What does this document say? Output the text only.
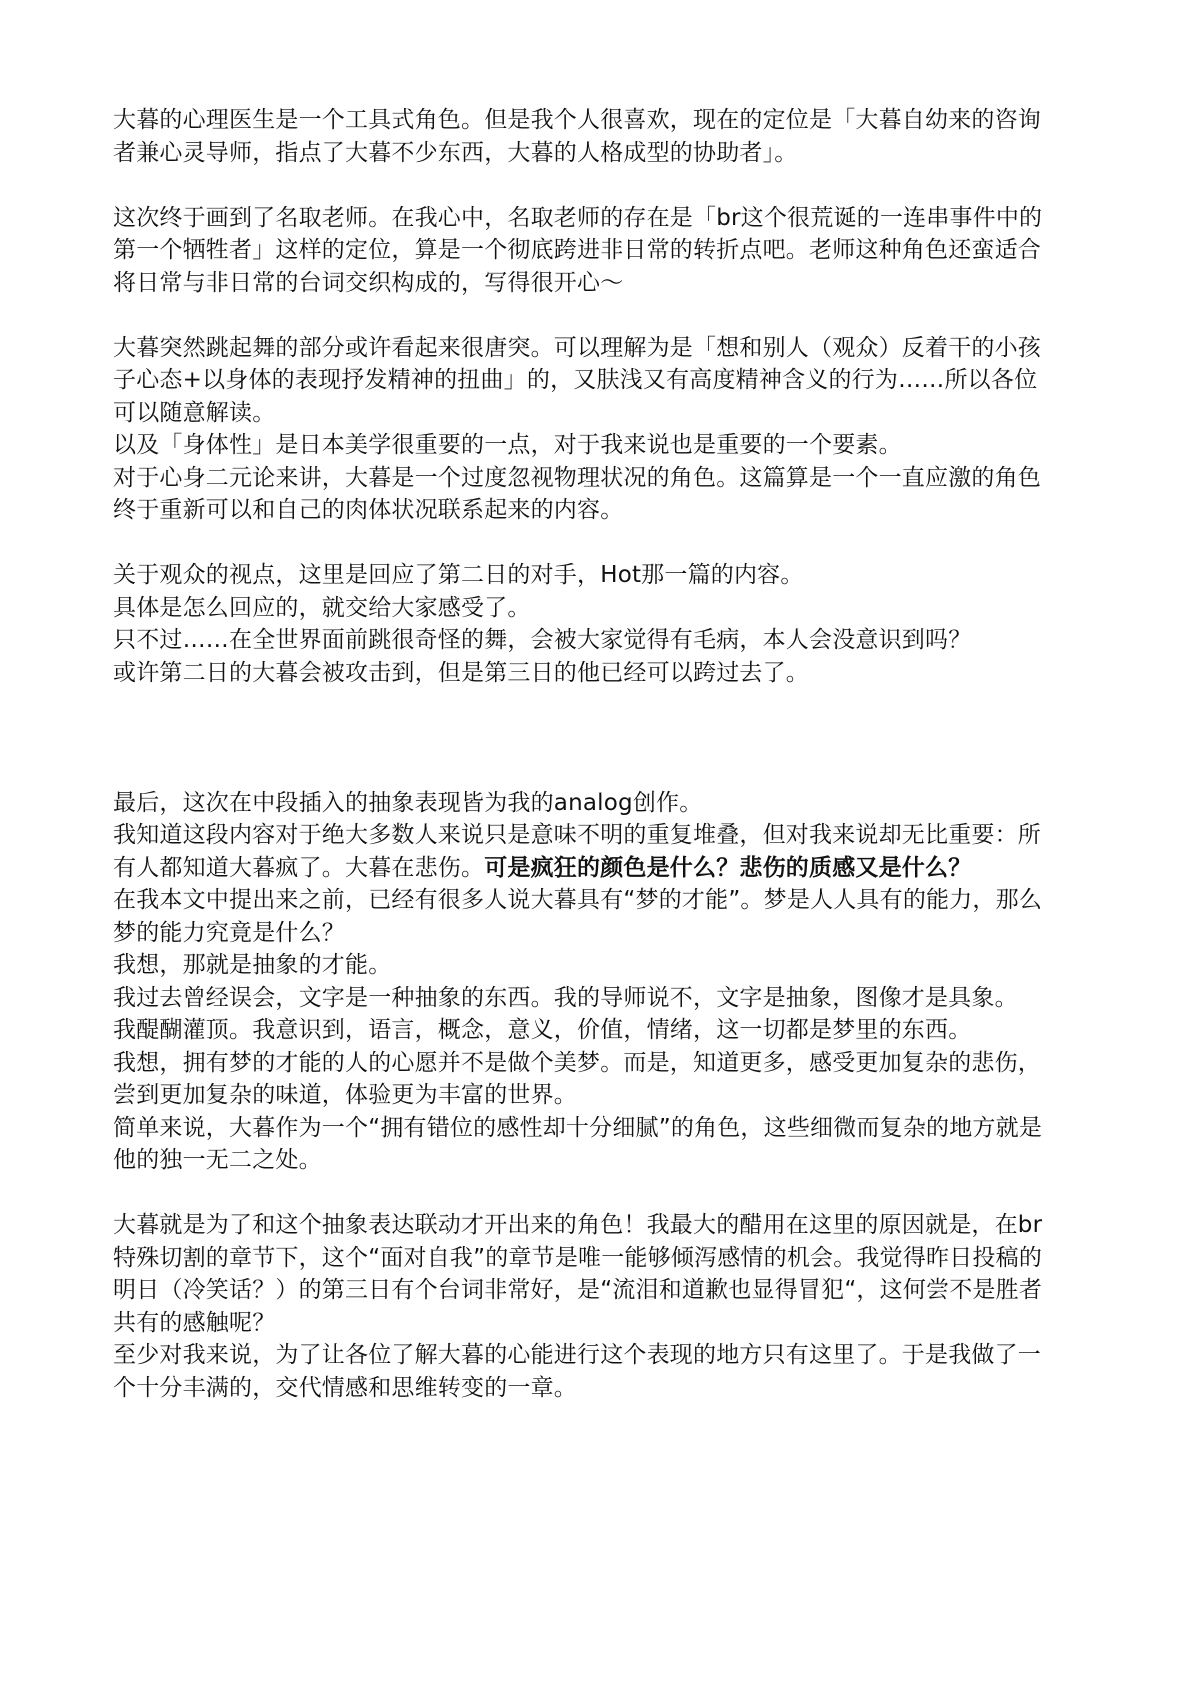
大暮的心理医生是一个工具式角色。但是我个人很喜欢，现在的定位是「大暮自幼来的咨询
者兼心灵导师，指点了大暮不少东西，大暮的人格成型的协助者」。
这次终于画到了名取老师。在我心中，名取老师的存在是「br这个很荒诞的一连串事件中的
第一个牺牲者」这样的定位，算是一个彻底跨进非日常的转折点吧。老师这种角色还蛮适合
将日常与非日常的台词交织构成的，写得很开心〜
大暮突然跳起舞的部分或许看起来很唐突。可以理解为是「想和别人（观众）反着干的小孩
子心态+以身体的表现抒发精神的扭曲」的，又肤浅又有高度精神含义的行为……所以各位
可以随意解读。
以及「身体性」是日本美学很重要的一点，对于我来说也是重要的一个要素。
对于心身二元论来讲，大暮是一个过度忽视物理状况的角色。这篇算是一个一直应激的角色
终于重新可以和自己的肉体状况联系起来的内容。
关于观众的视点，这里是回应了第二日的对手，Hot那一篇的内容。
具体是怎么回应的，就交给大家感受了。
只不过……在全世界面前跳很奇怪的舞，会被大家觉得有毛病，本人会没意识到吗？
或许第二日的大暮会被攻击到，但是第三日的他已经可以跨过去了。
最后，这次在中段插入的抽象表现皆为我的analog创作。
我知道这段内容对于绝大多数人来说只是意味不明的重复堆叠，但对我来说却无比重要：所
有人都知道大暮疯了。大暮在悲伤。可是疯狂的颜色是什么？悲伤的质感又是什么？
在我本文中提出来之前，已经有很多人说大暮具有“梦的才能”。梦是人人具有的能力，那么
梦的能力究竟是什么？
我想，那就是抽象的才能。
我过去曾经误会，文字是一种抽象的东西。我的导师说不，文字是抽象，图像才是具象。
我醍醐灌顶。我意识到，语言，概念，意义，价值，情绪，这一切都是梦里的东西。
我想，拥有梦的才能的人的心愿并不是做个美梦。而是，知道更多，感受更加复杂的悲伤，
尝到更加复杂的味道，体验更为丰富的世界。
简单来说，大暮作为一个“拥有错位的感性却十分细腻”的角色，这些细微而复杂的地方就是
他的独一无二之处。
大暮就是为了和这个抽象表达联动才开出来的角色！我最大的醋用在这里的原因就是，在br
特殊切割的章节下，这个“面对自我”的章节是唯一能够倾泻感情的机会。我觉得昨日投稿的
明日（冷笑话？）的第三日有个台词非常好，是“流泪和道歉也显得冒犯“，这何尝不是胜者
共有的感触呢？
至少对我来说，为了让各位了解大暮的心能进行这个表现的地方只有这里了。于是我做了一
个十分丰满的，交代情感和思维转变的一章。
